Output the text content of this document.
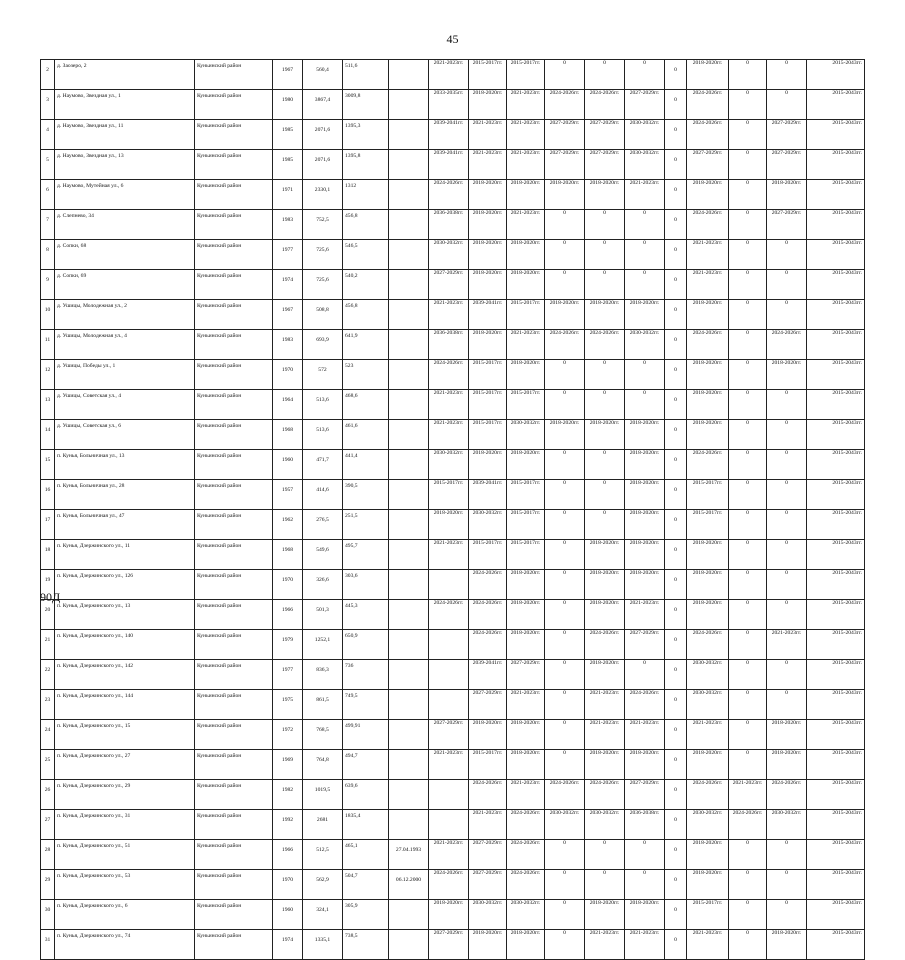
45
2	д. Заозеро, 2	Куньинский район	1967	560,4	511,6		2021-2023гг.	2015-2017гг.	2015-2017гг.	0	0	0	0	2018-2020гг.	0	0	2015-2043гг.
3	д. Наумово, Звездная ул., 1	Куньинский район	1980	3867,4	3009,8		2033-2035гг.	2018-2020гг.	2021-2023гг.	2024-2026гг.	2024-2026гг.	2027-2029гг.	0	2024-2026гг.	0	0	2015-2043гг.
4	д. Наумово, Звездная ул., 11	Куньинский район	1985	2071,6	1395,3		2039-2041гг.	2021-2023гг.	2021-2023гг.	2027-2029гг.	2027-2029гг.	2030-2032гг.	0	2024-2026гг.	0	2027-2029гг.	2015-2043гг.
5	д. Наумово, Звездная ул., 13	Куньинский район	1985	2071,6	1395,8		2039-2041гг.	2021-2023гг.	2021-2023гг.	2027-2029гг.	2027-2029гг.	2030-2032гг.	0	2027-2029гг.	0	2027-2029гг.	2015-2043гг.
6	д. Наумово, Мутейная ул., 6	Куньинский район	1971	2330,1	1312		2024-2026гг.	2018-2020гг.	2018-2020гг.	2018-2020гг.	2018-2020гг.	2021-2023гг.	0	2018-2020гг.	0	2018-2020гг.	2015-2043гг.
7	д. Слепнево, 34	Куньинский район	1983	752,5	456,8		2036-2038гг.	2018-2020гг.	2021-2023гг.	0	0	0	0	2024-2026гг.	0	2027-2029гг.	2015-2043гг.
8	д. Сопки, 68	Куньинский район	1977	725,6	546,5		2030-2032гг.	2018-2020гг.	2018-2020гг.	0	0	0	0	2021-2023гг.	0	0	2015-2043гг.
9	д. Сопки, 69	Куньинский район	1974	725,6	540,2		2027-2029гг.	2018-2020гг.	2018-2020гг.	0	0	0	0	2021-2023гг.	0	0	2015-2043гг.
10	д. Ушицы, Молодежная ул., 2	Куньинский район	1967	508,8	456,8		2021-2023гг.	2039-2041гг.	2015-2017гг.	2018-2020гг.	2018-2020гг.	2018-2020гг.	0	2018-2020гг.	0	0	2015-2043гг.
11	д. Ушицы, Молодежная ул., 4	Куньинский район	1983	693,9	641,9		2036-2038гг.	2018-2020гг.	2021-2023гг.	2024-2026гг.	2024-2026гг.	2030-2032гг.	0	2024-2026гг.	0	2024-2026гг.	2015-2043гг.
12	д. Ушицы, Победы ул., 1	Куньинский район	1970	572	523		2024-2026гг.	2015-2017гг.	2018-2020гг.	0	0	0	0	2018-2020гг.	0	2018-2020гг.	2015-2043гг.
13	д. Ушицы, Советская ул., 4	Куньинский район	1964	513,6	468,6		2021-2023гг.	2015-2017гг.	2015-2017гг.	0	0	0	0	2018-2020гг.	0	0	2015-2043гг.
14	д. Ушицы, Советская ул., 6	Куньинский район	1968	513,6	461,6		2021-2023гг.	2015-2017гг.	2030-2032гг.	2018-2020гг.	2018-2020гг.	2018-2020гг.	0	2018-2020гг.	0	0	2015-2043гг.
15	п. Кунья, Больничная ул., 13	Куньинский район	1960	471,7	441,4		2030-2032гг.	2018-2020гг.	2018-2020гг.	0	0	2018-2020гг.	0	2024-2026гг.	0	0	2015-2043гг.
16	п. Кунья, Больничная ул., 28	Куньинский район	1957	414,6	390,5		2015-2017гг.	2039-2041гг.	2015-2017гг.	0	0	2018-2020гг.	0	2015-2017гг.	0	0	2015-2043гг.
17	п. Кунья, Больничная ул., 47	Куньинский район	1962	276,5	251,5		2018-2020гг.	2030-2032гг.	2015-2017гг.	0	0	2018-2020гг.	0	2015-2017гг.	0	0	2015-2043гг.
18	п. Кунья, Дзержинского ул., 11	Куньинский район	1968	549,6	495,7		2021-2023гг.	2015-2017гг.	2015-2017гг.	0	2018-2020гг.	2018-2020гг.	0	2018-2020гг.	0	0	2015-2043гг.
19	п. Кунья, Дзержинского ул., 126	Куньинский район	1970	326,6	303,6			2024-2026гг.	2018-2020гг.	0	2018-2020гг.	2018-2020гг.	0	2018-2020гг.	0	0	2015-2043гг.
20	п. Кунья, Дзержинского ул., 13	Куньинский район	1966	501,3	445,3		2024-2026гг.	2024-2026гг.	2018-2020гг.	0	2018-2020гг.	2021-2023гг.	0	2018-2020гг.	0	0	2015-2043гг.
21	п. Кунья, Дзержинского ул., 140	Куньинский район	1979	1252,1	650,9			2024-2026гг.	2018-2020гг.	0	2024-2026гг.	2027-2029гг.	0	2024-2026гг.	0	2021-2023гг.	2015-2043гг.
22	п. Кунья, Дзержинского ул., 142	Куньинский район	1977	836,3	736			2039-2041гг.	2027-2029гг.	0	2018-2020гг.	0	0	2030-2032гг.	0	0	2015-2043гг.
23	п. Кунья, Дзержинского ул., 144	Куньинский район	1975	861,5	749,5			2027-2029гг.	2021-2023гг.	0	2021-2023гг.	2024-2026гг.	0	2030-2032гг.	0	0	2015-2043гг.
24	п. Кунья, Дзержинского ул., 15	Куньинский район	1972	768,5	499,91		2027-2029гг.	2018-2020гг.	2018-2020гг.	0	2021-2023гг.	2021-2023гг.	0	2021-2023гг.	0	2018-2020гг.	2015-2043гг.
25	п. Кунья, Дзержинского ул., 27	Куньинский район	1969	764,8	494,7		2021-2023гг.	2015-2017гг.	2018-2020гг.	0	2018-2020гг.	2018-2020гг.	0	2018-2020гг.	0	2018-2020гг.	2015-2043гг.
26	п. Кунья, Дзержинского ул., 29	Куньинский район	1982	1019,5	639,6			2024-2026гг.	2021-2023гг.	2024-2026гг.	2024-2026гг.	2027-2029гг.	0	2024-2026гг.	2021-2023гг.	2024-2026гг.	2015-2043гг.
27	п. Кунья, Дзержинского ул., 31	Куньинский район	1992	2681	1835,4			2021-2023гг.	2024-2026гг.	2030-2032гг.	2030-2032гг.	2036-2038гг.	0	2030-2032гг.	2024-2026гг.	2030-2032гг.	2015-2043гг.
28	п. Кунья, Дзержинского ул., 51	Куньинский район	1966	512,5	465,1	27.04.1993	2021-2023гг.	2027-2029гг.	2024-2026гг.	0	0	0	0	2018-2020гг.	0	0	2015-2043гг.
29	п. Кунья, Дзержинского ул., 53	Куньинский район	1970	562,9	504,7	06.12.2000	2024-2026гг.	2027-2029гг.	2024-2026гг.	0	0	0	0	2018-2020гг.	0	0	2015-2043гг.
30	п. Кунья, Дзержинского ул., 6	Куньинский район	1960	324,1	305,9		2018-2020гг.	2030-2032гг.	2030-2032гг.	0	2018-2020гг.	2018-2020гг.	0	2015-2017гг.	0	0	2015-2043гг.
31	п. Кунья, Дзержинского ул., 74	Куньинский район	1974	1335,1	738,5		2027-2029гг.	2018-2020гг.	2018-2020гг.	0	2021-2023гг.	2021-2023гг.	0	2021-2023гг.	0	2018-2020гг.	2015-2043гг.
90Д
